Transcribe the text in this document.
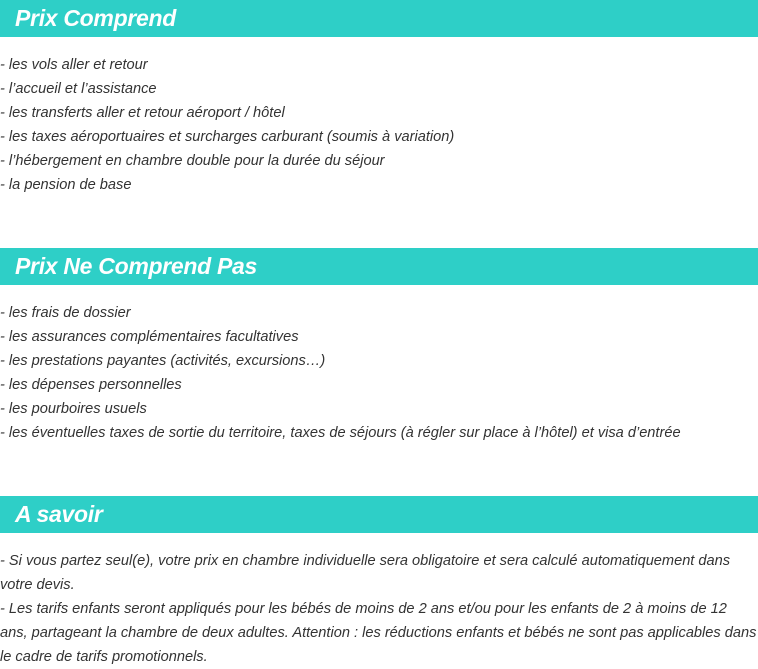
Prix Comprend
- les vols aller et retour
- l’accueil et l’assistance
- les transferts aller et retour aéroport / hôtel
- les taxes aéroportuaires et surcharges carburant (soumis à variation)
- l’hébergement en chambre double pour la durée du séjour
- la pension de base
Prix Ne Comprend Pas
- les frais de dossier
- les assurances complémentaires facultatives
- les prestations payantes (activités, excursions…)
- les dépenses personnelles
- les pourboires usuels
- les éventuelles taxes de sortie du territoire, taxes de séjours (à régler sur place à l’hôtel) et visa d’entrée
A savoir
- Si vous partez seul(e), votre prix en chambre individuelle sera obligatoire et sera calculé automatiquement dans votre devis.
- Les tarifs enfants seront appliqués pour les bébés de moins de 2 ans et/ou pour les enfants de 2 à moins de 12 ans, partageant la chambre de deux adultes. Attention : les réductions enfants et bébés ne sont pas applicables dans le cadre de tarifs promotionnels.
